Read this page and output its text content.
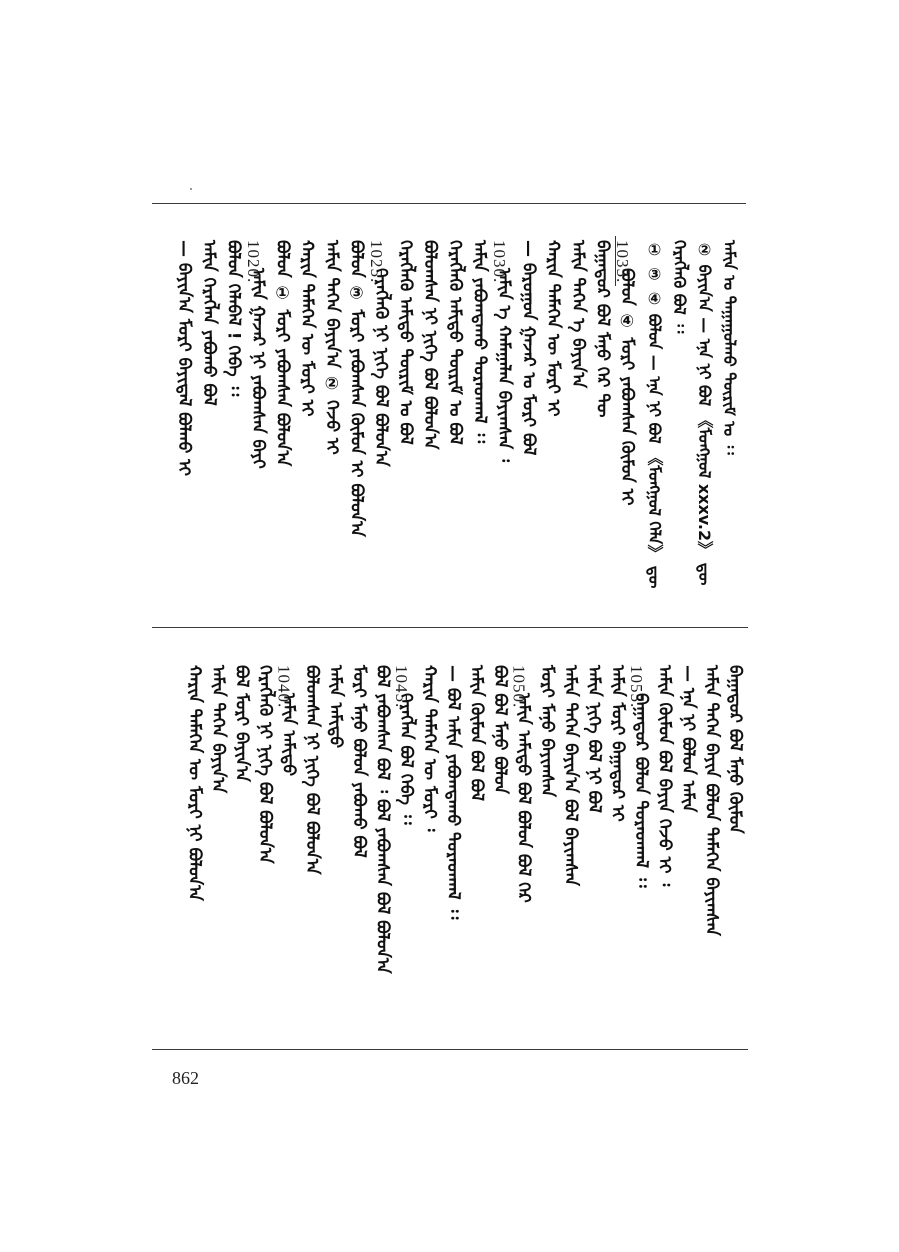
ᠠᠮᠢᠨ ᠤ ᠳᠠᠭᠠᠭᠤᠯᠬᠤ ᠳᠦᠷᠢᠮ ᠤ ᠄᠄
② ᠪᠠᠶᠢᠨ᠎ᠠ — ᠡᠨᠡ ᠨᠢ ᠪᠣᠯ 《ᠮᠣᠩᠭᠣᠯ xxxv.2》 ᠳᠦ
ᠬᠡᠷᠡᠭᠯᠡᠬᠦ ᠪᠣᠯ ᠄᠄
① ③ ④ ᠪᠣᠯᠤᠨ — ᠡᠨᠡ ᠨᠢ ᠪᠣᠯ 《ᠮᠣᠩᠭᠣᠯ ᠬᠡᠯᠡ》 ᠳᠦ
1035.
ᠪᠣᠯᠤᠨ ④ ᠮᠣᠷᠢ ᠶᠠᠪᠤᠭᠰᠠᠨ ᠬᠦᠮᠦᠨ ᠢ
ᠪᠠᠭᠠᠲᠤᠷ ᠪᠣᠯ ᠮᠠᠨᠤ ᠭᠡᠷ ᠲᠦ
ᠠᠮᠢᠨ ᠳᠡᠭᠡᠨ ᠡ ᠪᠠᠶᠢᠨ᠎ᠠ
ᠬᠠᠷᠢᠨ ᠲᠡᠮᠡᠭᠡᠨ ᠦ ᠮᠣᠷᠢ ᠢ
— ᠪᠠᠷᠤᠭᠤᠨ ᠭᠠᠵᠠᠷ ᠤ ᠮᠣᠷᠢ ᠪᠣᠯ
1030.
ᠠᠮᠢᠨ ᠡ ᠬᠠᠮᠠᠭᠠᠯᠠᠨ ᠪᠠᠶᠢᠭᠰᠠᠨ ᠄
ᠠᠮᠢᠨ ᠶᠠᠪᠤᠭᠳᠠᠬᠤ ᠳᠤᠷᠠᠳᠬᠠᠯ ᠄᠄
ᠬᠡᠷᠡᠭᠯᠡᠬᠦ ᠠᠮᠢᠳᠤ ᠳᠦᠷᠢᠮ ᠤ ᠪᠣᠯ
ᠪᠣᠯᠤᠭᠰᠠᠨ ᠨᠢ ᠨᠢᠭᠡ ᠪᠣᠯ ᠪᠣᠯᠤᠨ᠎ᠠ
ᠬᠡᠷᠡᠭᠯᠡᠬᠦ ᠠᠮᠢᠳᠤ ᠳᠦᠷᠢᠮ ᠤ ᠪᠣᠯ
1025.
ᠬᠡᠷᠡᠭᠯᠡᠬᠦ ᠨᠢ ᠨᠢᠭᠡ ᠪᠣᠯ ᠪᠣᠯᠤᠨ᠎ᠠ
ᠪᠣᠯᠤᠨ ③ ᠮᠣᠷᠢ ᠶᠠᠪᠤᠭᠰᠠᠨ ᠬᠦᠮᠦᠨ ᠢ ᠪᠣᠯᠤᠨ᠎ᠠ
ᠠᠮᠢᠨ ᠳᠡᠭᠡᠨ ᠪᠠᠶᠢᠨ᠎ᠠ ② ᠭᠡᠵᠦ ᠢ
ᠬᠠᠷᠢᠨ ᠲᠡᠮᠡᠭᠡᠨ ᠦ ᠮᠣᠷᠢ ᠢ
ᠪᠣᠯᠤᠨ ① ᠮᠣᠷᠢ ᠶᠠᠪᠤᠭᠰᠠᠨ ᠪᠣᠯᠤᠨ᠎ᠠ
1020.
ᠠᠮᠢᠨ ᠭᠠᠵᠠᠷ ᠨᠢ ᠶᠠᠪᠤᠭᠰᠠᠨ ᠪᠠᠶᠢ
ᠪᠣᠯᠤᠨ ᠬᠡᠯᠡᠪᠡᠯ ! ᠭᠡᠪᠡ ᠄᠄
ᠠᠮᠢᠨ ᠬᠡᠷᠡᠭᠯᠡᠨ ᠶᠠᠪᠤᠬᠤ ᠪᠣᠯ
— ᠪᠠᠶᠢᠨ᠎ᠠ ᠮᠣᠷᠢ ᠪᠠᠶᠢᠳᠠᠯ ᠪᠣᠯᠬᠤ ᠢ
ᠪᠠᠭᠠᠲᠤᠷ ᠪᠣᠯ ᠮᠠᠨᠤ ᠬᠦᠮᠦᠨ
ᠠᠮᠢᠨ ᠳᠡᠭᠡᠨ ᠪᠠᠶᠢᠨ ᠪᠣᠯᠤᠨ ᠲᠡᠮᠡᠭᠡᠨ ᠪᠠᠶᠢᠭᠰᠠᠨ
— ᠡᠨᠡ ᠨᠢ ᠪᠣᠯᠤᠨ ᠠᠮᠢᠨ
ᠠᠮᠢᠨ ᠬᠦᠮᠦᠨ ᠪᠣᠯ ᠪᠠᠶᠢᠨ ᠭᠡᠵᠦ ᠢ ᠄
1055.
ᠪᠠᠭᠠᠲᠤᠷ ᠪᠣᠯᠤᠨ ᠳᠤᠷᠠᠳᠬᠠᠯ ᠄᠄
ᠠᠮᠢᠨ ᠮᠣᠷᠢ ᠪᠠᠭᠠᠲᠤᠷ ᠢ
ᠠᠮᠢᠨ ᠨᠢᠭᠡ ᠪᠣᠯ ᠨᠢ ᠪᠣᠯ
ᠠᠮᠢᠨ ᠳᠡᠭᠡᠨ ᠪᠠᠶᠢᠨ᠎ᠠ ᠪᠣᠯ ᠪᠠᠶᠢᠭᠰᠠᠨ
ᠮᠣᠷᠢ ᠮᠠᠨᠤ ᠪᠠᠶᠢᠭᠰᠠᠨ
1050.
ᠠᠮᠢᠨ ᠠᠮᠢᠳᠤ ᠪᠣᠯ ᠪᠣᠯᠤᠨ ᠪᠣᠯ ᠭᠡᠷ
ᠪᠣᠯ ᠪᠣᠯ ᠮᠠᠨᠤ ᠪᠣᠯᠤᠨ
ᠠᠮᠢᠨ ᠬᠦᠮᠦᠨ ᠪᠣᠯ ᠪᠣᠯ
— ᠪᠣᠯ ᠠᠮᠢᠨ ᠶᠠᠪᠤᠭᠳᠠᠬᠤ ᠳᠤᠷᠠᠳᠬᠠᠯ ᠄᠄
ᠬᠠᠷᠢᠨ ᠲᠡᠮᠡᠭᠡᠨ ᠦ ᠮᠣᠷᠢ ᠄
1045.
ᠬᠡᠷᠡᠭᠯᠡᠨ ᠪᠣᠯ ᠭᠡᠪᠡ ᠄᠄
ᠪᠣᠯ ᠶᠠᠪᠤᠭᠰᠠᠨ ᠪᠣᠯ ᠄ ᠪᠣᠯ ᠶᠠᠪᠤᠭᠰᠠᠨ ᠪᠣᠯ ᠪᠣᠯᠤᠨ᠎ᠠ
ᠮᠣᠷᠢ ᠮᠠᠨᠤ ᠪᠣᠯᠤᠨ ᠶᠠᠪᠤᠬᠤ ᠪᠣᠯ
ᠠᠮᠢᠨ ᠠᠮᠢᠳᠤ
ᠪᠣᠯᠤᠭᠰᠠᠨ ᠨᠢ ᠨᠢᠭᠡ ᠪᠣᠯ ᠪᠣᠯᠤᠨ᠎ᠠ
1040.
ᠠᠮᠢᠨ ᠠᠮᠢᠳᠤ
ᠬᠡᠷᠡᠭᠯᠡᠬᠦ ᠨᠢ ᠨᠢᠭᠡ ᠪᠣᠯ ᠪᠣᠯᠤᠨ᠎ᠠ
ᠪᠣᠯ ᠮᠣᠷᠢ ᠪᠠᠶᠢᠨ᠎ᠠ
ᠠᠮᠢᠨ ᠳᠡᠭᠡᠨ ᠪᠠᠶᠢᠨ᠎ᠠ
ᠬᠠᠷᠢᠨ ᠲᠡᠮᠡᠭᠡᠨ ᠦ ᠮᠣᠷᠢ ᠨᠢ ᠪᠣᠯᠤᠨ᠎ᠠ
862
